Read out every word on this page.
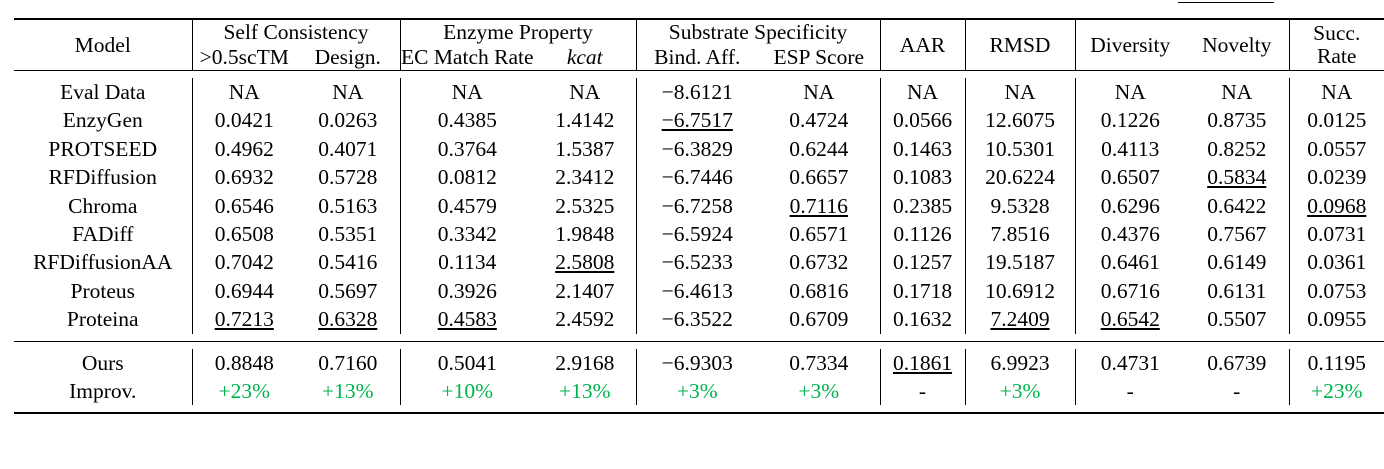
Model	Self Consistency		Enzyme Property		Substrate Specificity		AAR	RMSD	Diversity	Novelty	Succ.
Rate

	>0.5scTM	Design.	EC Match Rate	kcat	Bind. Aff.	ESP Score					

Eval Data	NA	NA	NA	NA	−8.6121	NA	NA	NA	NA	NA	NA
EnzyGen	0.0421	0.0263	0.4385	1.4142	−6.7517	0.4724	0.0566	12.6075	0.1226	0.8735	0.0125
PROTSEED	0.4962	0.4071	0.3764	1.5387	−6.3829	0.6244	0.1463	10.5301	0.4113	0.8252	0.0557
RFDiffusion	0.6932	0.5728	0.0812	2.3412	−6.7446	0.6657	0.1083	20.6224	0.6507	0.5834	0.0239
Chroma	0.6546	0.5163	0.4579	2.5325	−6.7258	0.7116	0.2385	9.5328	0.6296	0.6422	0.0968
FADiff	0.6508	0.5351	0.3342	1.9848	−6.5924	0.6571	0.1126	7.8516	0.4376	0.7567	0.0731
RFDiffusionAA	0.7042	0.5416	0.1134	2.5808	−6.5233	0.6732	0.1257	19.5187	0.6461	0.6149	0.0361
Proteus	0.6944	0.5697	0.3926	2.1407	−6.4613	0.6816	0.1718	10.6912	0.6716	0.6131	0.0753
Proteina	0.7213	0.6328	0.4583	2.4592	−6.3522	0.6709	0.1632	7.2409	0.6542	0.5507	0.0955

Ours	0.8848	0.7160	0.5041	2.9168	−6.9303	0.7334	0.1861	6.9923	0.4731	0.6739	0.1195
Improv.	+23%	+13%	+10%	+13%	+3%	+3%	-	+3%	-	-	+23%
